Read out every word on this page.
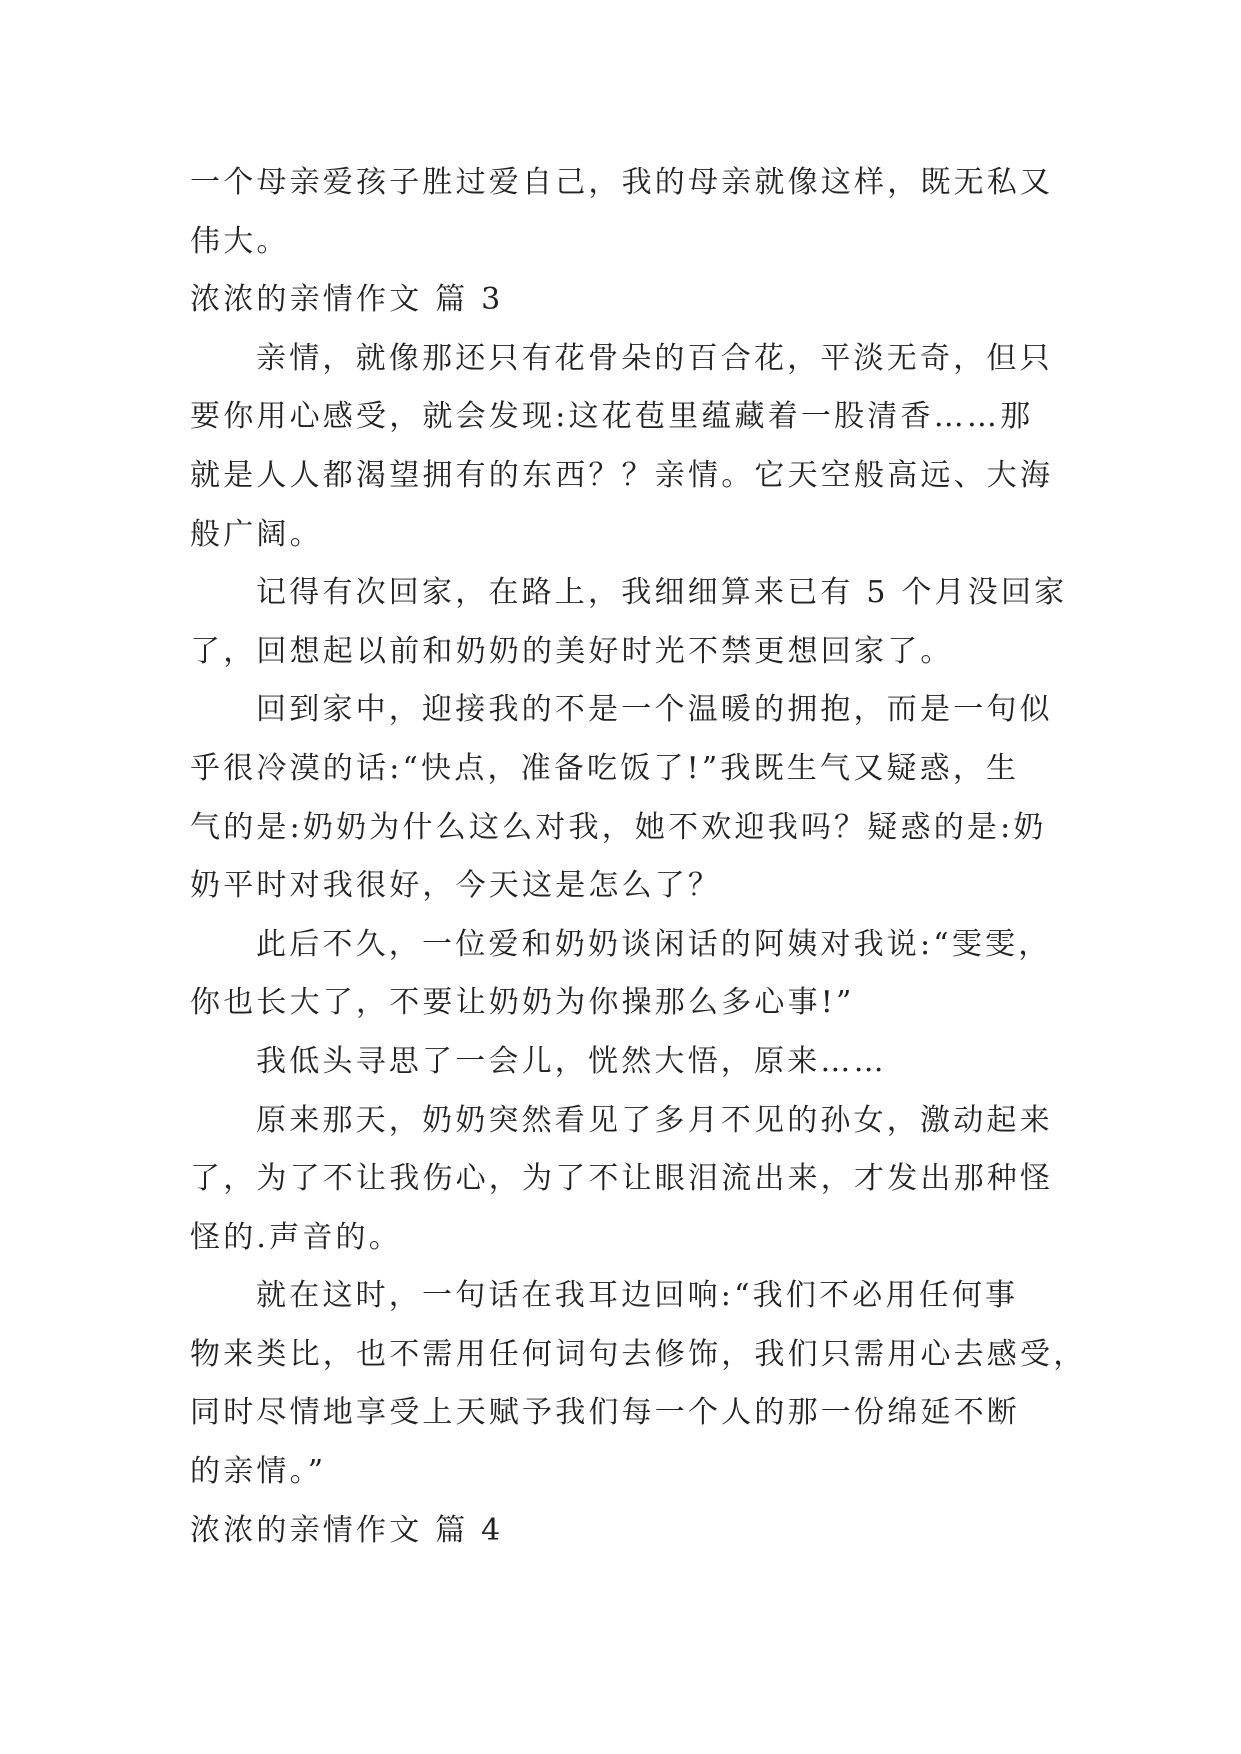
一个母亲爱孩子胜过爱自己，我的母亲就像这样，既无私又
伟大。
浓浓的亲情作文 篇 3
亲情，就像那还只有花骨朵的百合花，平淡无奇，但只
要你用心感受，就会发现:这花苞里蕴藏着一股清香……那
就是人人都渴望拥有的东西？？亲情。它天空般高远、大海
般广阔。
记得有次回家，在路上，我细细算来已有 5 个月没回家
了，回想起以前和奶奶的美好时光不禁更想回家了。
回到家中，迎接我的不是一个温暖的拥抱，而是一句似
乎很冷漠的话:“快点，准备吃饭了!”我既生气又疑惑，生
气的是:奶奶为什么这么对我，她不欢迎我吗？疑惑的是:奶
奶平时对我很好，今天这是怎么了？
此后不久，一位爱和奶奶谈闲话的阿姨对我说:“雯雯，
你也长大了，不要让奶奶为你操那么多心事!”
我低头寻思了一会儿，恍然大悟，原来……
原来那天，奶奶突然看见了多月不见的孙女，激动起来
了，为了不让我伤心，为了不让眼泪流出来，才发出那种怪
怪的.声音的。
就在这时，一句话在我耳边回响:“我们不必用任何事
物来类比，也不需用任何词句去修饰，我们只需用心去感受，
同时尽情地享受上天赋予我们每一个人的那一份绵延不断
的亲情。”
浓浓的亲情作文 篇 4
